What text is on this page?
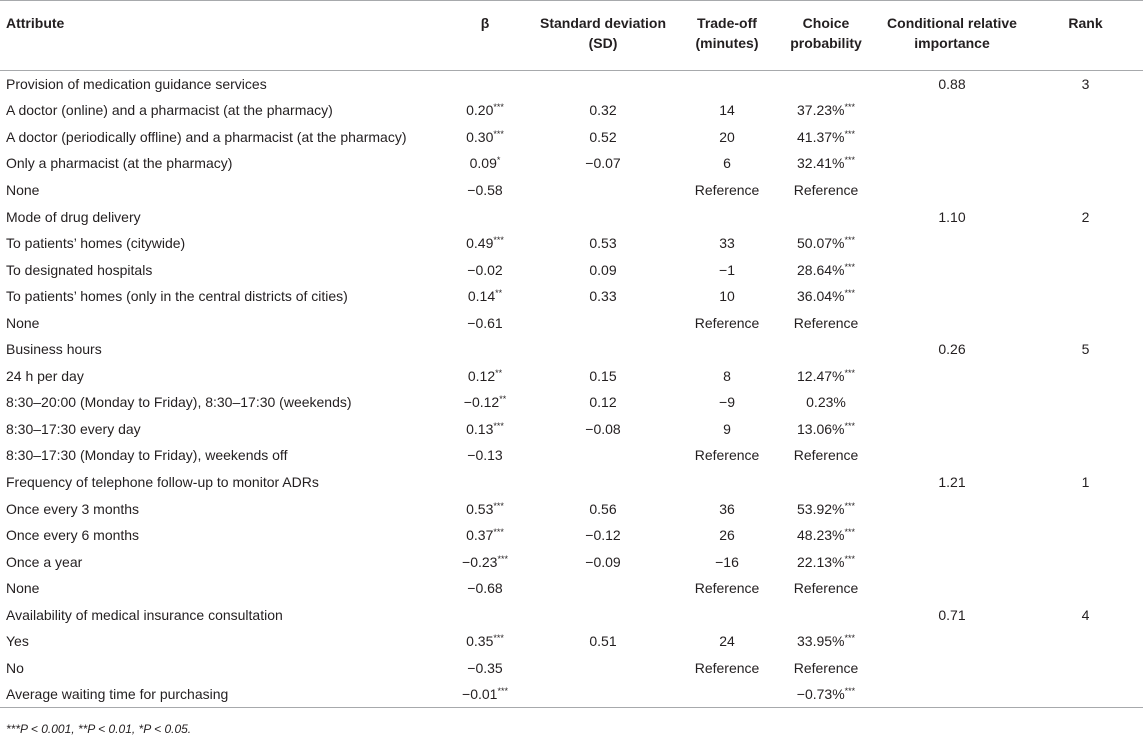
Attribute	β	Standard deviation (SD)	Trade-off (minutes)	Choice probability	Conditional relative importance	Rank
Provision of medication guidance services					0.88	3
A doctor (online) and a pharmacist (at the pharmacy)	0.20***	0.32	14	37.23%***		
A doctor (periodically offline) and a pharmacist (at the pharmacy)	0.30***	0.52	20	41.37%***		
Only a pharmacist (at the pharmacy)	0.09*	−0.07	6	32.41%***		
None	−0.58		Reference	Reference		
Mode of drug delivery					1.10	2
To patients’ homes (citywide)	0.49***	0.53	33	50.07%***		
To designated hospitals	−0.02	0.09	−1	28.64%***		
To patients’ homes (only in the central districts of cities)	0.14**	0.33	10	36.04%***		
None	−0.61		Reference	Reference		
Business hours					0.26	5
24 h per day	0.12**	0.15	8	12.47%***		
8:30–20:00 (Monday to Friday), 8:30–17:30 (weekends)	−0.12**	0.12	−9	0.23%		
8:30–17:30 every day	0.13***	−0.08	9	13.06%***		
8:30–17:30 (Monday to Friday), weekends off	−0.13		Reference	Reference		
Frequency of telephone follow-up to monitor ADRs					1.21	1
Once every 3 months	0.53***	0.56	36	53.92%***		
Once every 6 months	0.37***	−0.12	26	48.23%***		
Once a year	−0.23***	−0.09	−16	22.13%***		
None	−0.68		Reference	Reference		
Availability of medical insurance consultation					0.71	4
Yes	0.35***	0.51	24	33.95%***		
No	−0.35		Reference	Reference		
Average waiting time for purchasing	−0.01***			−0.73%***		
***P < 0.001, **P < 0.01, *P < 0.05.
